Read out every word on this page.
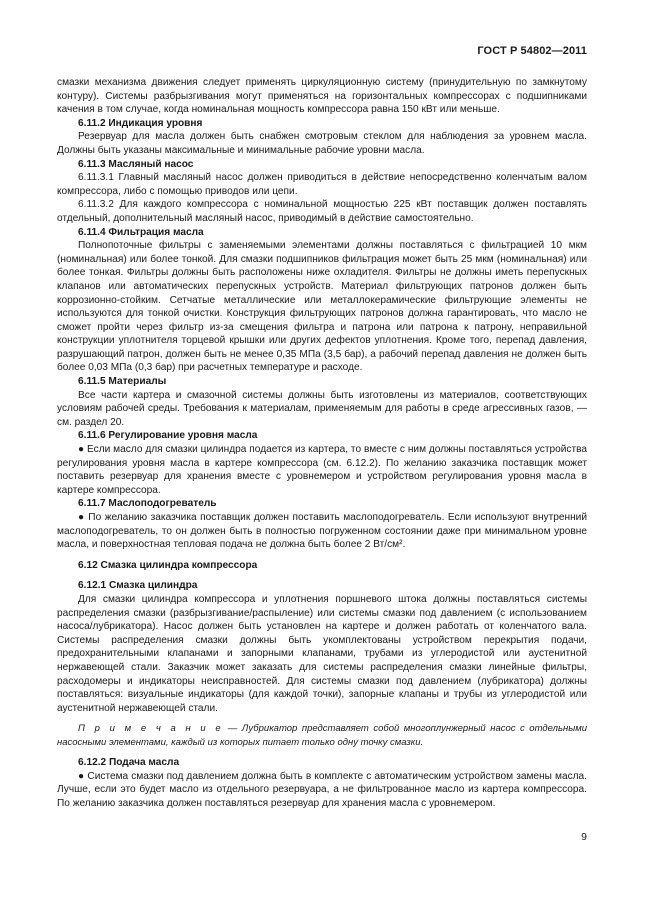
ГОСТ Р 54802—2011

смазки механизма движения следует применять циркуляционную систему (принудительную по замкнутому контуру). Системы разбрызгивания могут применяться на горизонтальных компрессорах с подшипниками качения в том случае, когда номинальная мощность компрессора равна 150 кВт или меньше.

6.11.2 Индикация уровня

Резервуар для масла должен быть снабжен смотровым стеклом для наблюдения за уровнем масла. Должны быть указаны максимальные и минимальные рабочие уровни масла.

6.11.3 Масляный насос

6.11.3.1 Главный масляный насос должен приводиться в действие непосредственно коленчатым валом компрессора, либо с помощью приводов или цепи.

6.11.3.2 Для каждого компрессора с номинальной мощностью 225 кВт поставщик должен поставлять отдельный, дополнительный масляный насос, приводимый в действие самостоятельно.

6.11.4 Фильтрация масла

Полнопоточные фильтры с заменяемыми элементами должны поставляться с фильтрацией 10 мкм (номинальная) или более тонкой. Для смазки подшипников фильтрация может быть 25 мкм (номинальная) или более тонкая. Фильтры должны быть расположены ниже охладителя. Фильтры не должны иметь перепускных клапанов или автоматических перепускных устройств. Материал фильтрующих патронов должен быть коррозионно-стойким. Сетчатые металлические или металлокерамические фильтрующие элементы не используются для тонкой очистки. Конструкция фильтрующих патронов должна гарантировать, что масло не сможет пройти через фильтр из-за смещения фильтра и патрона или патрона к патрону, неправильной конструкции уплотнителя торцевой крышки или других дефектов уплотнения. Кроме того, перепад давления, разрушающий патрон, должен быть не менее 0,35 МПа (3,5 бар), а рабочий перепад давления не должен быть более 0,03 МПа (0,3 бар) при расчетных температуре и расходе.

6.11.5 Материалы

Все части картера и смазочной системы должны быть изготовлены из материалов, соответствующих условиям рабочей среды. Требования к материалам, применяемым для работы в среде агрессивных газов, — см. раздел 20.

6.11.6 Регулирование уровня масла

● Если масло для смазки цилиндра подается из картера, то вместе с ним должны поставляться устройства регулирования уровня масла в картере компрессора (см. 6.12.2). По желанию заказчика поставщик может поставить резервуар для хранения вместе с уровнемером и устройством регулирования уровня масла в картере компрессора.

6.11.7 Маслоподогреватель

● По желанию заказчика поставщик должен поставить маслоподогреватель. Если используют внутренний маслоподогреватель, то он должен быть в полностью погруженном состоянии даже при минимальном уровне масла, и поверхностная тепловая подача не должна быть более 2 Вт/см².

6.12 Смазка цилиндра компрессора

6.12.1 Смазка цилиндра

Для смазки цилиндра компрессора и уплотнения поршневого штока должны поставляться системы распределения смазки (разбрызгивание/распыление) или системы смазки под давлением (с использованием насоса/лубрикатора). Насос должен быть установлен на картере и должен работать от коленчатого вала. Системы распределения смазки должны быть укомплектованы устройством перекрытия подачи, предохранительными клапанами и запорными клапанами, трубами из углеродистой или аустенитной нержавеющей стали. Заказчик может заказать для системы распределения смазки линейные фильтры, расходомеры и индикаторы неисправностей. Для системы смазки под давлением (лубрикатора) должны поставляться: визуальные индикаторы (для каждой точки), запорные клапаны и трубы из углеродистой или аустенитной нержавеющей стали.

П р и м е ч а н и е — Лубрикатор представляет собой многоплунжерный насос с отдельными насосными элементами, каждый из которых питает только одну точку смазки.

6.12.2 Подача масла

● Система смазки под давлением должна быть в комплекте с автоматическим устройством замены масла. Лучше, если это будет масло из отдельного резервуара, а не фильтрованное масло из картера компрессора. По желанию заказчика должен поставляться резервуар для хранения масла с уровнемером.

9
